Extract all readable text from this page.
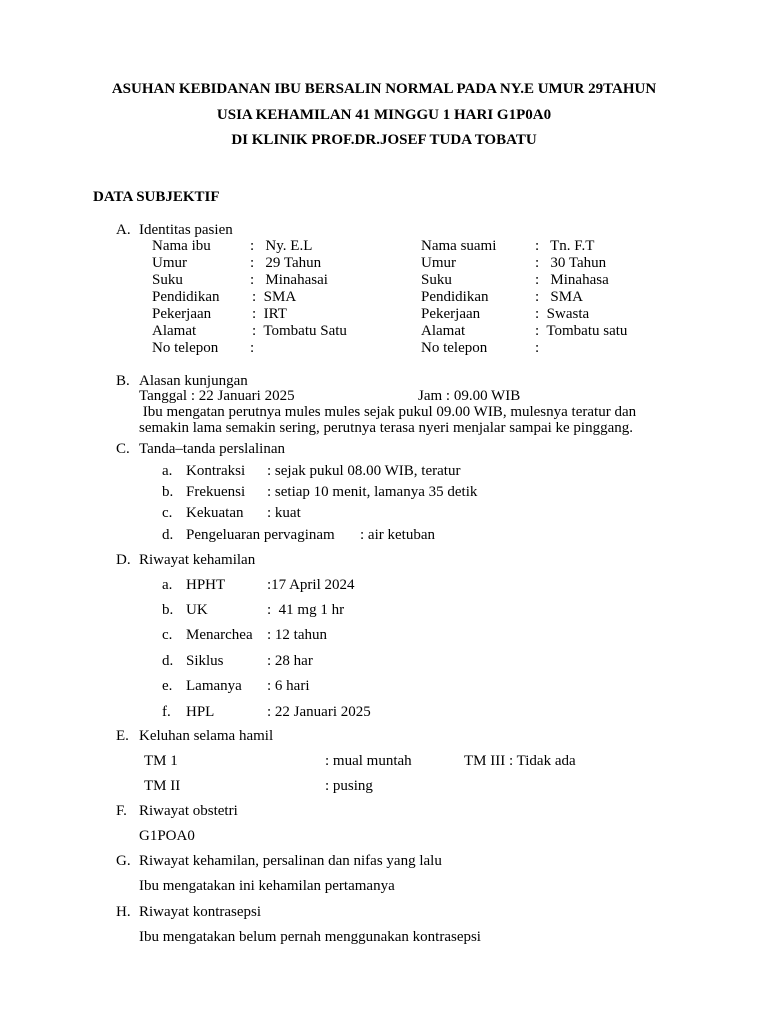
ASUHAN KEBIDANAN IBU BERSALIN NORMAL PADA NY.E UMUR 29TAHUN
USIA KEHAMILAN 41 MINGGU 1 HARI G1P0A0
DI KLINIK PROF.DR.JOSEF TUDA TOBATU
DATA SUBJEKTIF
A. Identitas pasien
Nama ibu	:   Ny. E.L
Umur	:   29 Tahun
Suku	:   Minahasai
Pendidikan :  SMA
Pekerjaan	:  IRT
Alamat	:  Tombatu Satu
No telepon :
Nama suami	:   Tn. F.T
Umur	:   30 Tahun
Suku	:   Minahasa
Pendidikan	:   SMA
Pekerjaan	:  Swasta
Alamat	:  Tombatu satu
No telepon	:
B. Alasan kunjungan
Tanggal : 22 Januari 2025	Jam : 09.00 WIB
Ibu mengatan perutnya mules mules sejak pukul 09.00 WIB, mulesnya teratur dan
semakin lama semakin sering, perutnya terasa nyeri menjalar sampai ke pinggang.
C. Tanda–tanda perslalinan
a. Kontraksi : sejak pukul 08.00 WIB, teratur
b. Frekuensi : setiap 10 menit, lamanya 35 detik
c. Kekuatan : kuat
d. Pengeluaran pervaginam : air ketuban
D. Riwayat kehamilan
a. HPHT	:17 April 2024
b. UK	:  41 mg 1 hr
c. Menarchea : 12 tahun
d. Siklus	: 28 har
e. Lamanya : 6 hari
f. HPL	: 22 Januari 2025
E. Keluhan selama hamil
TM 1	: mual muntah	TM III : Tidak ada
TM II	: pusing
F. Riwayat obstetri
G1POA0
G. Riwayat kehamilan, persalinan dan nifas yang lalu
Ibu mengatakan ini kehamilan pertamanya
H. Riwayat kontrasepsi
Ibu mengatakan belum pernah menggunakan kontrasepsi
